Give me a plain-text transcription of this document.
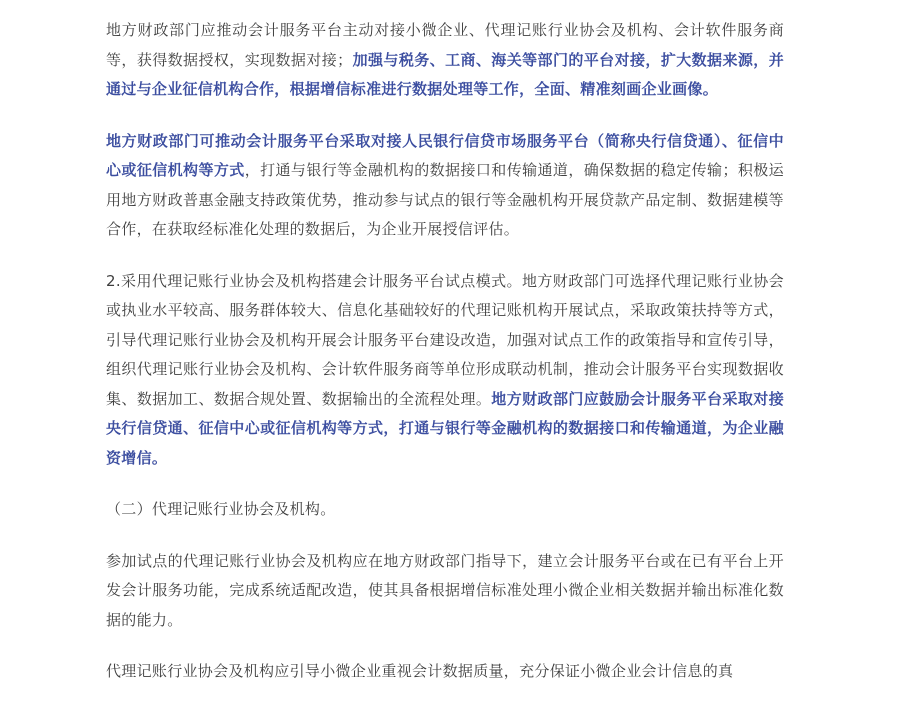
地方财政部门应推动会计服务平台主动对接小微企业、代理记账行业协会及机构、会计软件服务商等，获得数据授权，实现数据对接；加强与税务、工商、海关等部门的平台对接，扩大数据来源，并通过与企业征信机构合作，根据增信标准进行数据处理等工作，全面、精准刻画企业画像。

地方财政部门可推动会计服务平台采取对接人民银行信贷市场服务平台（简称央行信贷通）、征信中心或征信机构等方式，打通与银行等金融机构的数据接口和传输通道，确保数据的稳定传输；积极运用地方财政普惠金融支持政策优势，推动参与试点的银行等金融机构开展贷款产品定制、数据建模等合作，在获取经标准化处理的数据后，为企业开展授信评估。

2.采用代理记账行业协会及机构搭建会计服务平台试点模式。地方财政部门可选择代理记账行业协会或执业水平较高、服务群体较大、信息化基础较好的代理记账机构开展试点，采取政策扶持等方式，引导代理记账行业协会及机构开展会计服务平台建设改造，加强对试点工作的政策指导和宣传引导，组织代理记账行业协会及机构、会计软件服务商等单位形成联动机制，推动会计服务平台实现数据收集、数据加工、数据合规处置、数据输出的全流程处理。地方财政部门应鼓励会计服务平台采取对接央行信贷通、征信中心或征信机构等方式，打通与银行等金融机构的数据接口和传输通道，为企业融资增信。

（二）代理记账行业协会及机构。

参加试点的代理记账行业协会及机构应在地方财政部门指导下，建立会计服务平台或在已有平台上开发会计服务功能，完成系统适配改造，使其具备根据增信标准处理小微企业相关数据并输出标准化数据的能力。

代理记账行业协会及机构应引导小微企业重视会计数据质量，充分保证小微企业会计信息的真
